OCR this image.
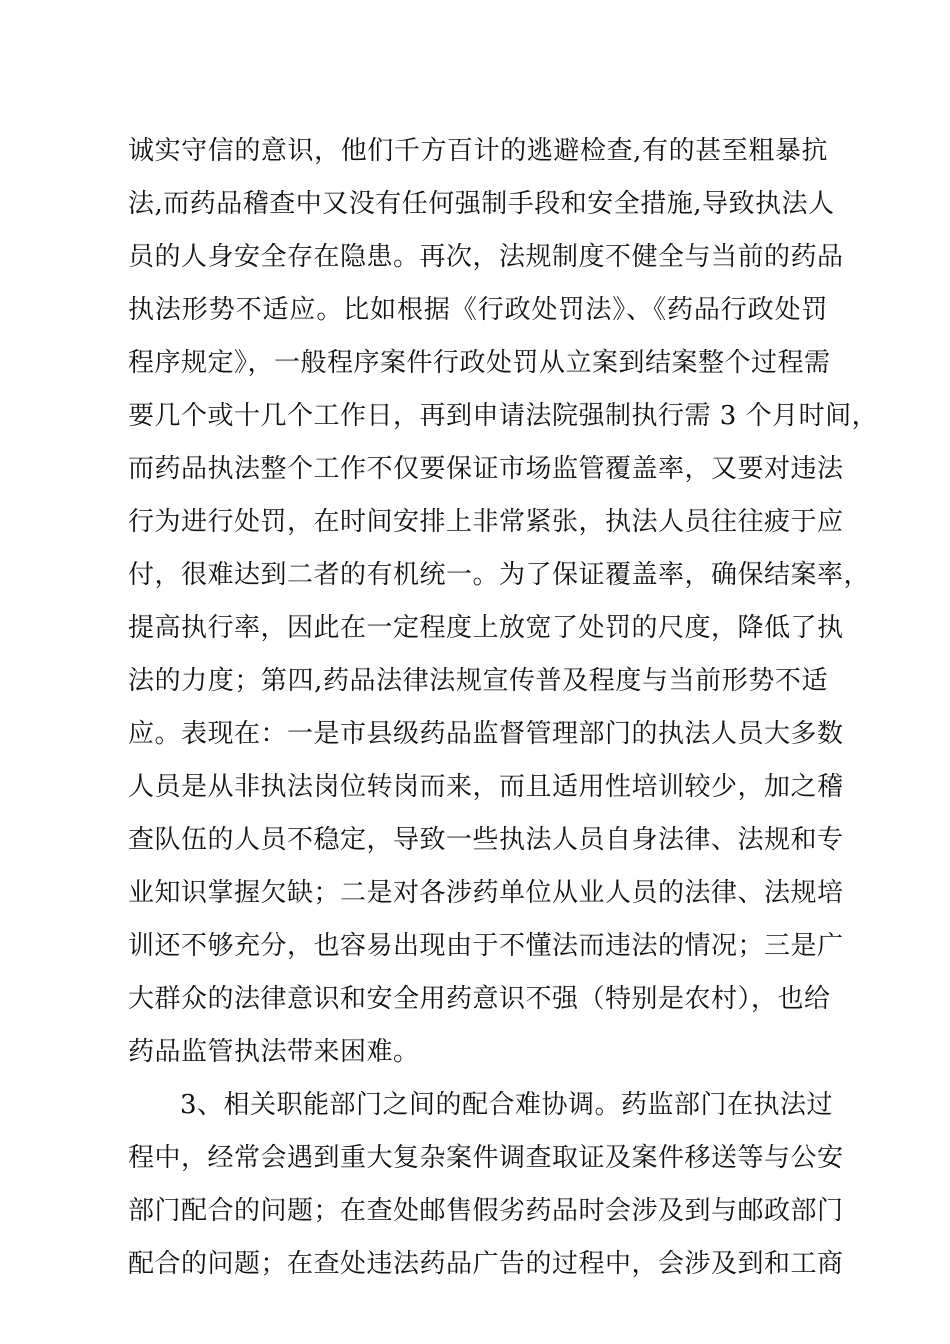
诚实守信的意识，他们千方百计的逃避检查,有的甚至粗暴抗
法,而药品稽查中又没有任何强制手段和安全措施,导致执法人
员的人身安全存在隐患。再次，法规制度不健全与当前的药品
执法形势不适应。比如根据《行政处罚法》、《药品行政处罚
程序规定》，一般程序案件行政处罚从立案到结案整个过程需
要几个或十几个工作日，再到申请法院强制执行需 3 个月时间，
而药品执法整个工作不仅要保证市场监管覆盖率，又要对违法
行为进行处罚，在时间安排上非常紧张，执法人员往往疲于应
付，很难达到二者的有机统一。为了保证覆盖率，确保结案率，
提高执行率，因此在一定程度上放宽了处罚的尺度，降低了执
法的力度；第四,药品法律法规宣传普及程度与当前形势不适
应。表现在：一是市县级药品监督管理部门的执法人员大多数
人员是从非执法岗位转岗而来，而且适用性培训较少，加之稽
查队伍的人员不稳定，导致一些执法人员自身法律、法规和专
业知识掌握欠缺；二是对各涉药单位从业人员的法律、法规培
训还不够充分，也容易出现由于不懂法而违法的情况；三是广
大群众的法律意识和安全用药意识不强（特别是农村），也给
药品监管执法带来困难。
3、相关职能部门之间的配合难协调。药监部门在执法过
程中，经常会遇到重大复杂案件调查取证及案件移送等与公安
部门配合的问题；在查处邮售假劣药品时会涉及到与邮政部门
配合的问题；在查处违法药品广告的过程中，会涉及到和工商
